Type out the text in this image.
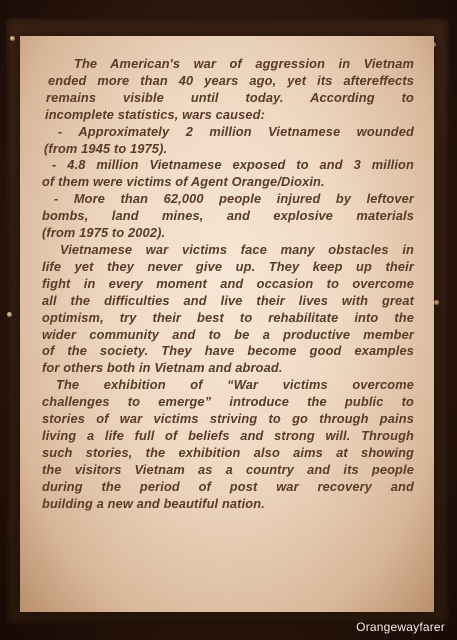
The American's war of aggression in Vietnam
ended more than 40 years ago, yet its aftereffects
remains visible until today. According to
incomplete statistics, wars caused:
- Approximately 2 million Vietnamese wounded
(from 1945 to 1975).
- 4.8 million Vietnamese exposed to and 3 million
of them were victims of Agent Orange/Dioxin.
- More than 62,000 people injured by leftover
bombs, land mines, and explosive materials
(from 1975 to 2002).
Vietnamese war victims face many obstacles in
life yet they never give up. They keep up their
fight in every moment and occasion to overcome
all the difficulties and live their lives with great
optimism, try their best to rehabilitate into the
wider community and to be a productive member
of the society. They have become good examples
for others both in Vietnam and abroad.
The exhibition of “War victims overcome
challenges to emerge” introduce the public to
stories of war victims striving to go through pains
living a life full of beliefs and strong will. Through
such stories, the exhibition also aims at showing
the visitors Vietnam as a country and its people
during the period of post war recovery and
building a new and beautiful nation.
Orangewayfarer
